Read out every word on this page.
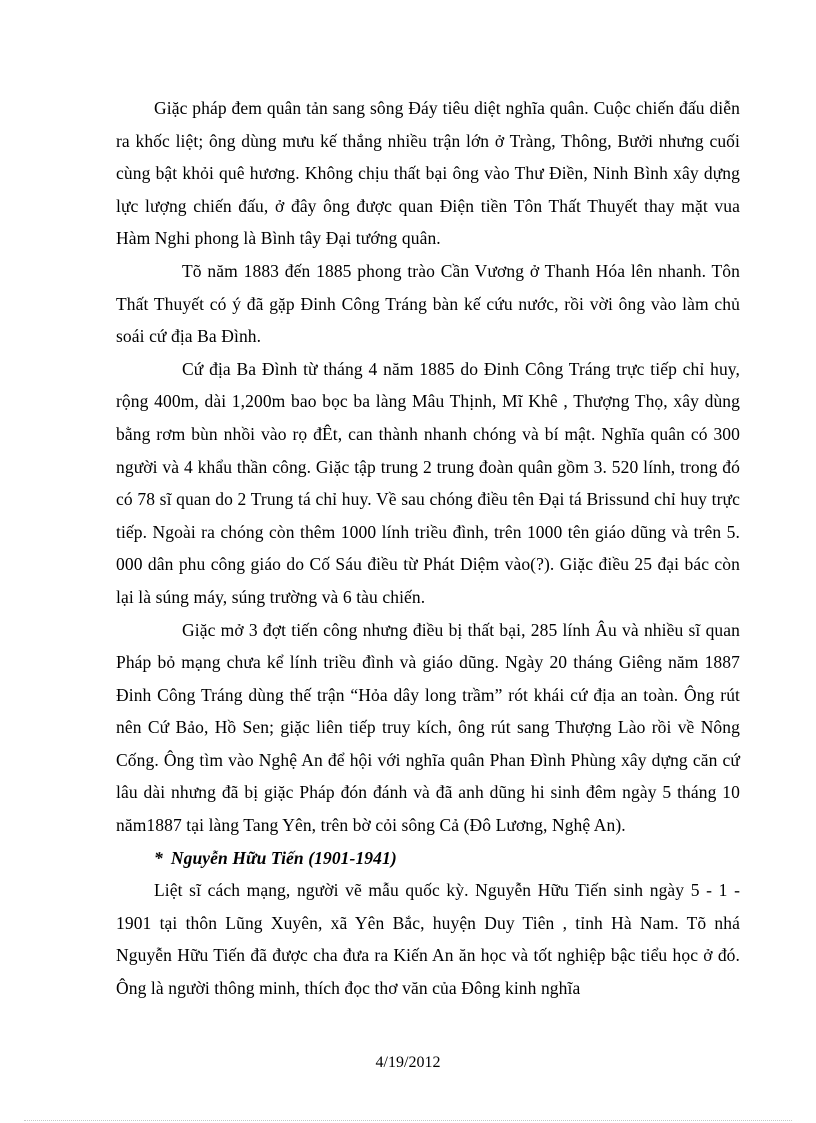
Giặc pháp đem quân tản sang sông Đáy tiêu diệt nghĩa quân. Cuộc chiến đấu diễn ra khốc liệt; ông dùng mưu kế thắng nhiều trận lớn ở Tràng, Thông, Bưởi nhưng cuối cùng bật khỏi quê hương. Không chịu thất bại ông vào Thư Điền, Ninh Bình xây dựng lực lượng chiến đấu, ở đây ông được quan Điện tiền Tôn Thất Thuyết thay mặt vua Hàm Nghi phong là Bình tây Đại tướng quân.

Tõ năm 1883 đến 1885 phong trào Cần Vương ở Thanh Hóa lên nhanh. Tôn Thất Thuyết có ý đã gặp Đinh Công Tráng bàn kế cứu nước, rồi vời ông vào làm chủ soái cứ địa Ba Đình.

Cứ địa Ba Đình từ tháng 4 năm 1885 do Đinh Công Tráng trực tiếp chỉ huy, rộng 400m, dài 1,200m bao bọc ba làng Mâu Thịnh, Mĩ Khê , Thượng Thọ, xây dùng bằng rơm bùn nhồi vào rọ đÊt, can thành nhanh chóng và bí mật. Nghĩa quân có 300 người và 4 khẩu thần công. Giặc tập trung 2 trung đoàn quân gồm 3. 520 lính, trong đó có 78 sĩ quan do 2 Trung tá chỉ huy. Về sau chóng điều tên Đại tá Brissund chỉ huy trực tiếp. Ngoài ra chóng còn thêm 1000 lính triều đình, trên 1000 tên giáo dũng và trên 5. 000 dân phu công giáo do Cố Sáu điều từ Phát Diệm vào(?). Giặc điều 25 đại bác còn lại là súng máy, súng trường và 6 tàu chiến.

Giặc mở 3 đợt tiến công nhưng điều bị thất bại, 285 lính Âu và nhiều sĩ quan Pháp bỏ mạng chưa kể lính triều đình và giáo dũng. Ngày 20 tháng Giêng năm 1887 Đinh Công Tráng dùng thế trận “Hỏa dây long trầm” rót khái cứ địa an toàn. Ông rút nên Cứ Bảo, Hồ Sen; giặc liên tiếp truy kích, ông rút sang Thượng Lào rồi về Nông Cống. Ông tìm vào Nghệ An để hội với nghĩa quân Phan Đình Phùng xây dựng căn cứ lâu dài nhưng đã bị giặc Pháp đón đánh và đã anh dũng hi sinh đêm ngày 5 tháng 10 năm1887 tại làng Tang Yên, trên bờ cỏi sông Cả (Đô Lương, Nghệ An).

* Nguyễn Hữu Tiến (1901-1941)

Liệt sĩ cách mạng, người vẽ mẫu quốc kỳ. Nguyễn Hữu Tiến sinh ngày 5 - 1 - 1901 tại thôn Lũng Xuyên, xã Yên Bắc, huyện Duy Tiên , tỉnh Hà Nam. Tõ nhá Nguyễn Hữu Tiến đã được cha đưa ra Kiến An ăn học và tốt nghiệp bậc tiểu học ở đó. Ông là người thông minh, thích đọc thơ văn của Đông kinh nghĩa

4/19/2012
